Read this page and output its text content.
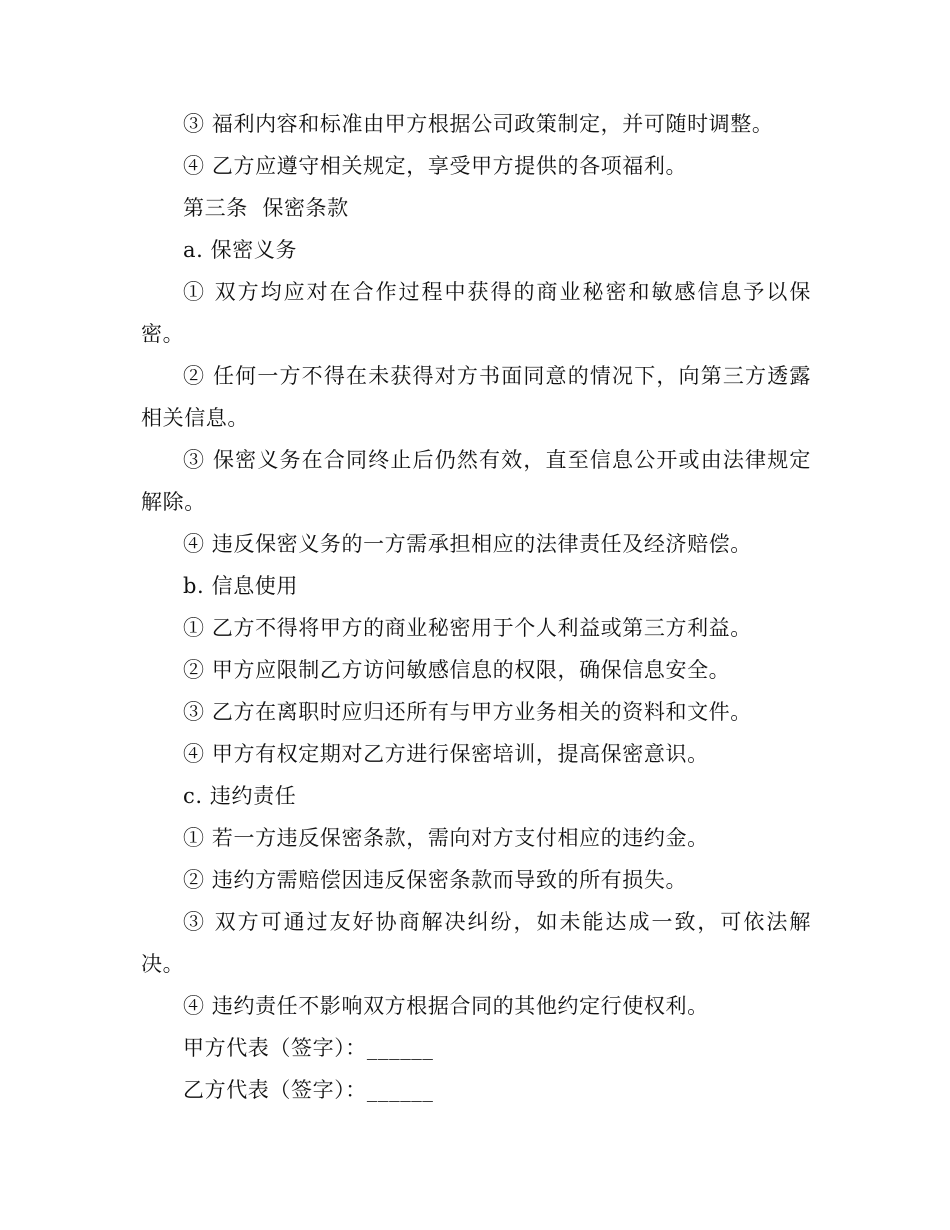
③ 福利内容和标准由甲方根据公司政策制定，并可随时调整。

④ 乙方应遵守相关规定，享受甲方提供的各项福利。

第三条  保密条款

a. 保密义务

① 双方均应对在合作过程中获得的商业秘密和敏感信息予以保密。

② 任何一方不得在未获得对方书面同意的情况下，向第三方透露相关信息。

③ 保密义务在合同终止后仍然有效，直至信息公开或由法律规定解除。

④ 违反保密义务的一方需承担相应的法律责任及经济赔偿。

b. 信息使用

① 乙方不得将甲方的商业秘密用于个人利益或第三方利益。

② 甲方应限制乙方访问敏感信息的权限，确保信息安全。

③ 乙方在离职时应归还所有与甲方业务相关的资料和文件。

④ 甲方有权定期对乙方进行保密培训，提高保密意识。

c. 违约责任

① 若一方违反保密条款，需向对方支付相应的违约金。

② 违约方需赔偿因违反保密条款而导致的所有损失。

③ 双方可通过友好协商解决纠纷，如未能达成一致，可依法解决。

④ 违约责任不影响双方根据合同的其他约定行使权利。

甲方代表（签字）：______

乙方代表（签字）：______
